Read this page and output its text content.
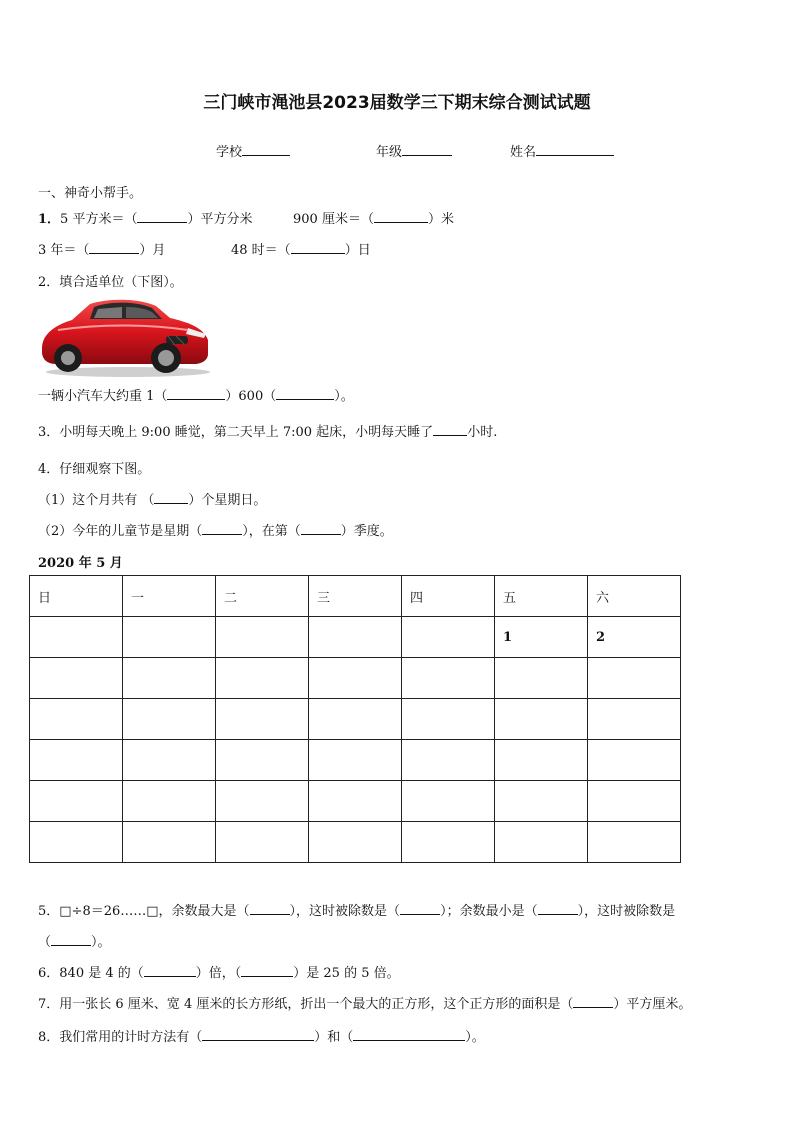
三门峡市渑池县2023届数学三下期末综合测试试题
学校	年级	姓名
一、神奇小帮手。
1．5 平方米＝（	）平方分米	900 厘米＝（	）米
3 年＝（	）月	48 时＝（	）日
2．填合适单位（下图）。
一辆小汽车大约重 1（	）600（	）。
3．小明每天晚上 9:00 睡觉，第二天早上 7:00 起床，小明每天睡了	小时.
4．仔细观察下图。
（1）这个月共有 （	）个星期日。
（2）今年的儿童节是星期（	），在第（	）季度。
2020 年 5 月
日	一	二	三	四	五	六
					1	2

5．□÷8＝26……□，余数最大是（	），这时被除数是（	）；余数最小是（	），这时被除数是
（	）。
6．840 是 4 的（	）倍，（	）是 25 的 5 倍。
7．用一张长 6 厘米、宽 4 厘米的长方形纸，折出一个最大的正方形，这个正方形的面积是（	）平方厘米。
8．我们常用的计时方法有（	）和（	）。
